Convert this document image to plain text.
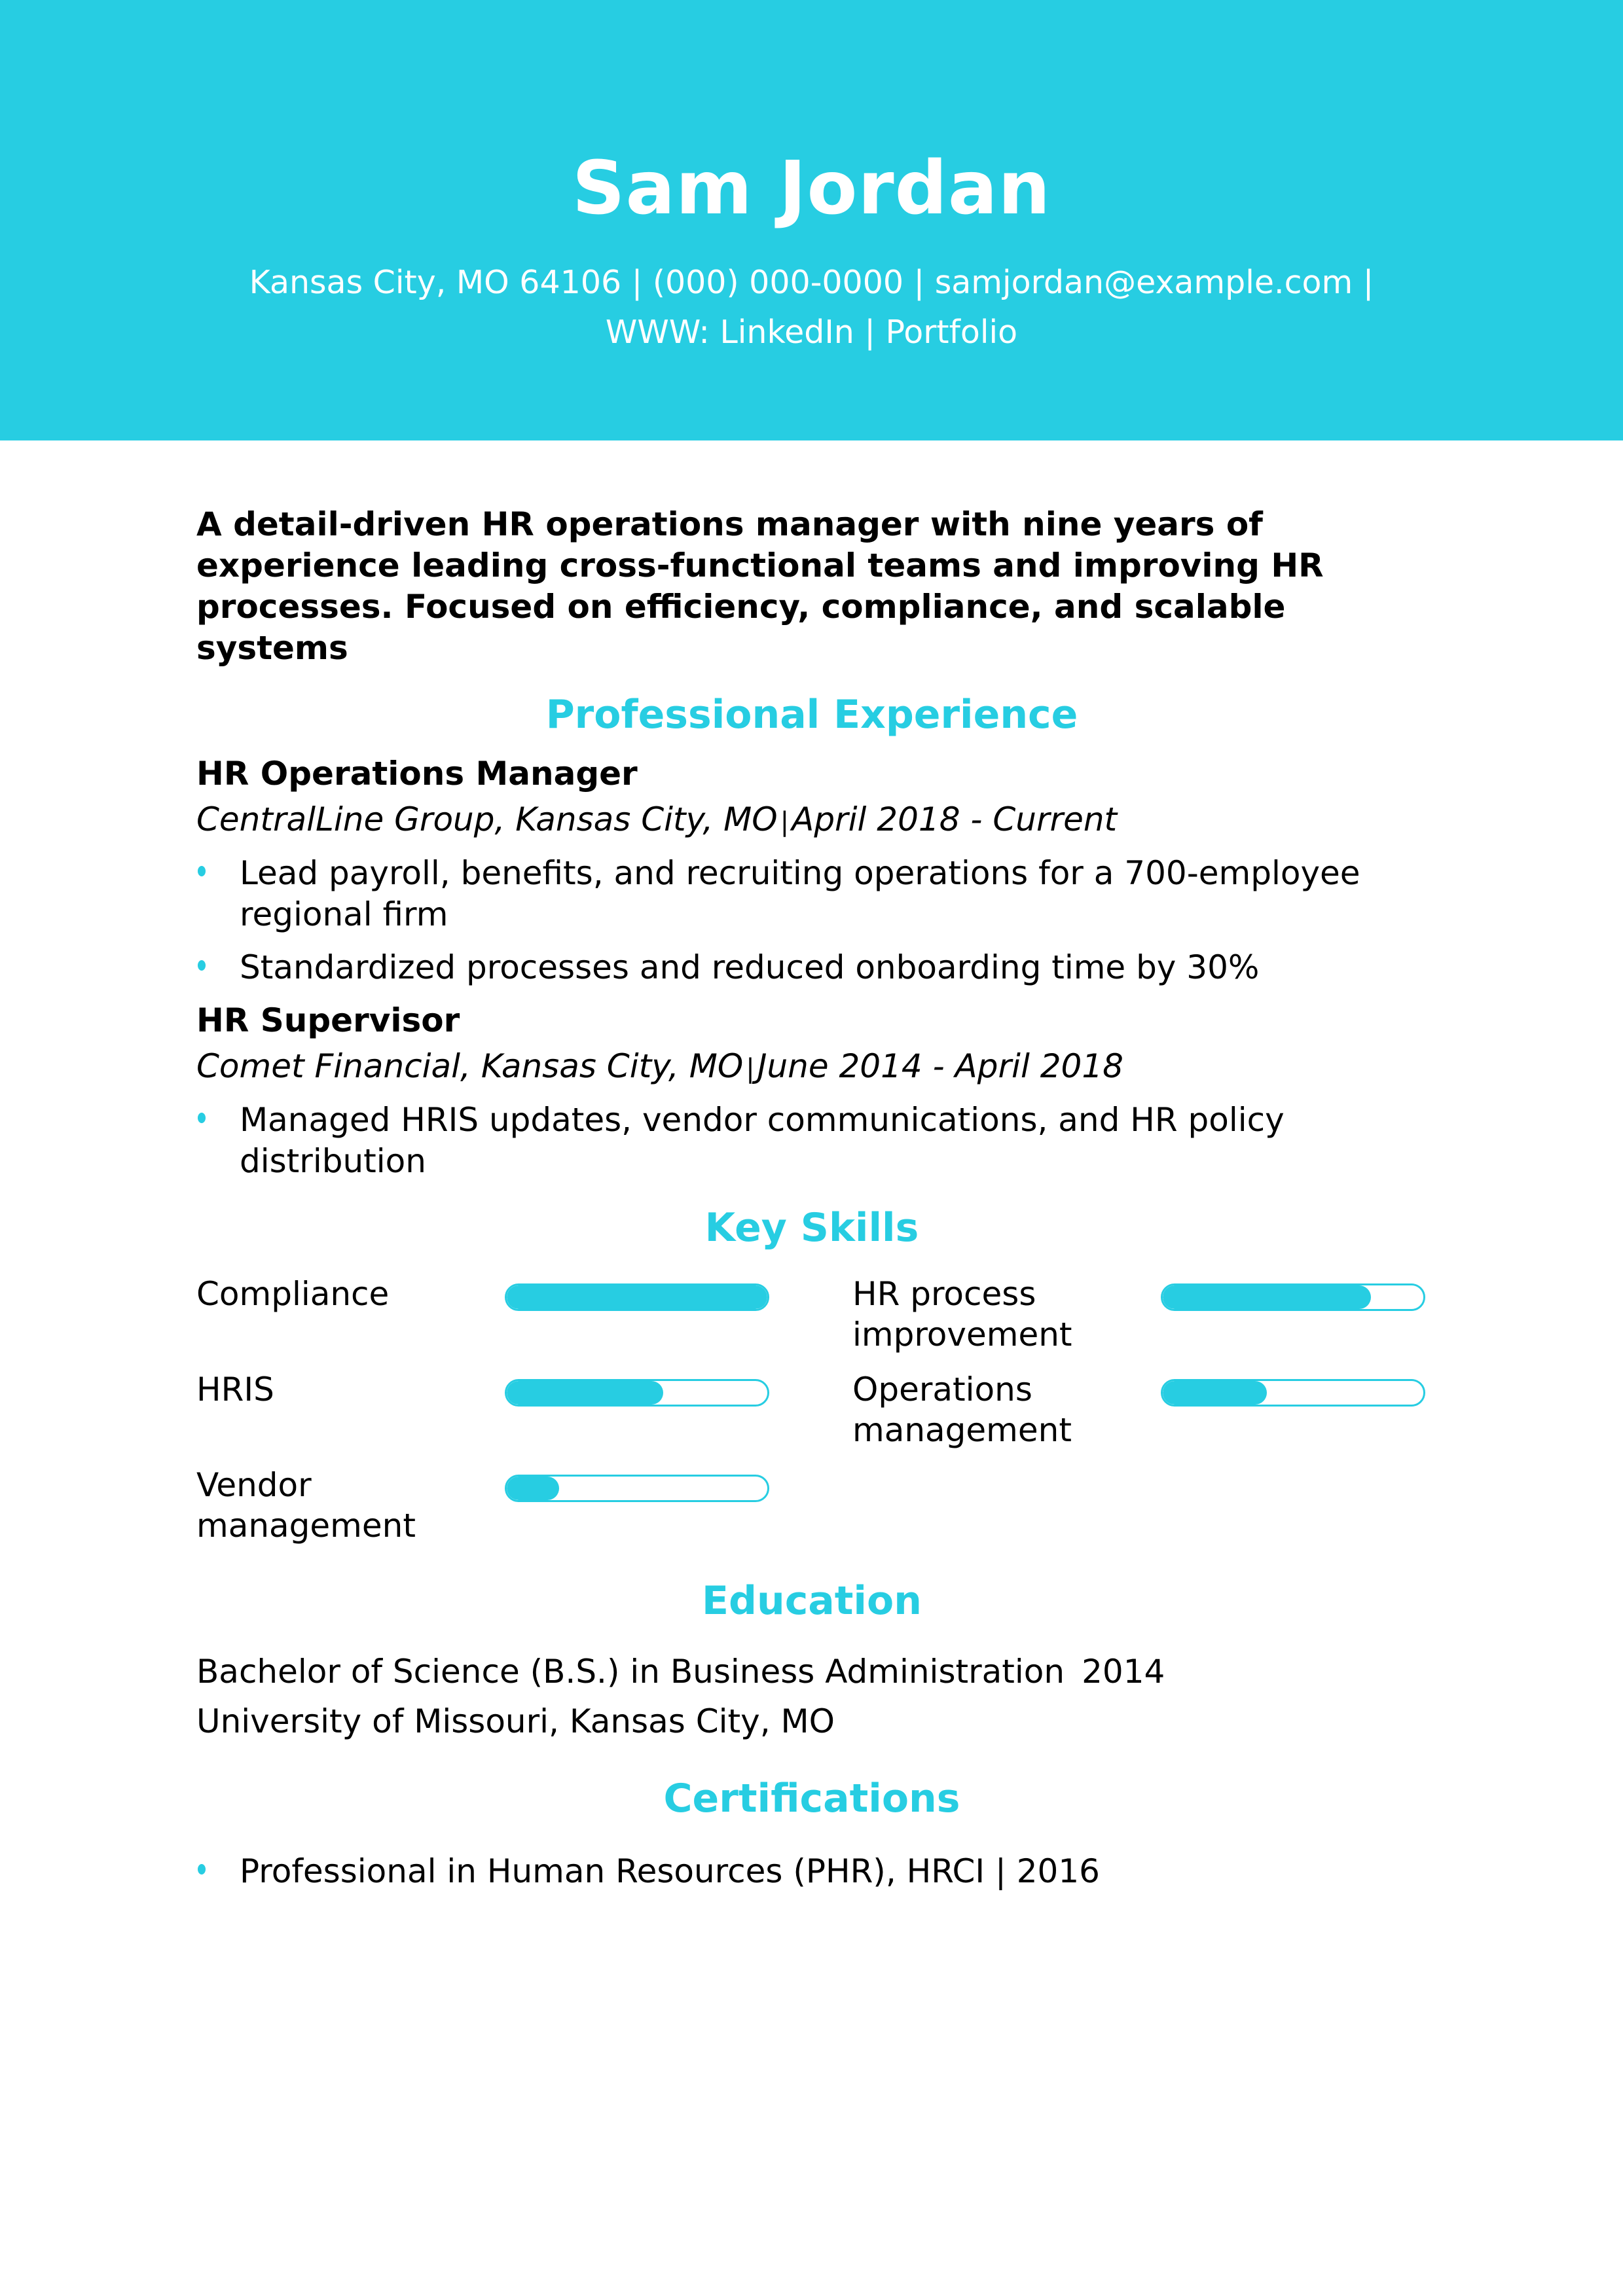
Sam Jordan
Kansas City, MO 64106 | (000) 000-0000 | samjordan@example.com |
WWW: LinkedIn | Portfolio

A detail-driven HR operations manager with nine years of experience leading cross-functional teams and improving HR processes. Focused on efficiency, compliance, and scalable systems

Professional Experience

HR Operations Manager

CentralLine Group, Kansas City, MO |April 2018 - Current

Lead payroll, benefits, and recruiting operations for a 700-employee regional firm
Standardized processes and reduced onboarding time by 30%

HR Supervisor

Comet Financial, Kansas City, MO |June 2014 - April 2018

Managed HRIS updates, vendor communications, and HR policy distribution
Key Skills
Compliance	HR process improvement
HRIS	Operations management
Vendor management
Education

Bachelor of Science (B.S.) in Business Administration 2014

University of Missouri, Kansas City, MO

Certifications
Professional in Human Resources (PHR), HRCI | 2016
